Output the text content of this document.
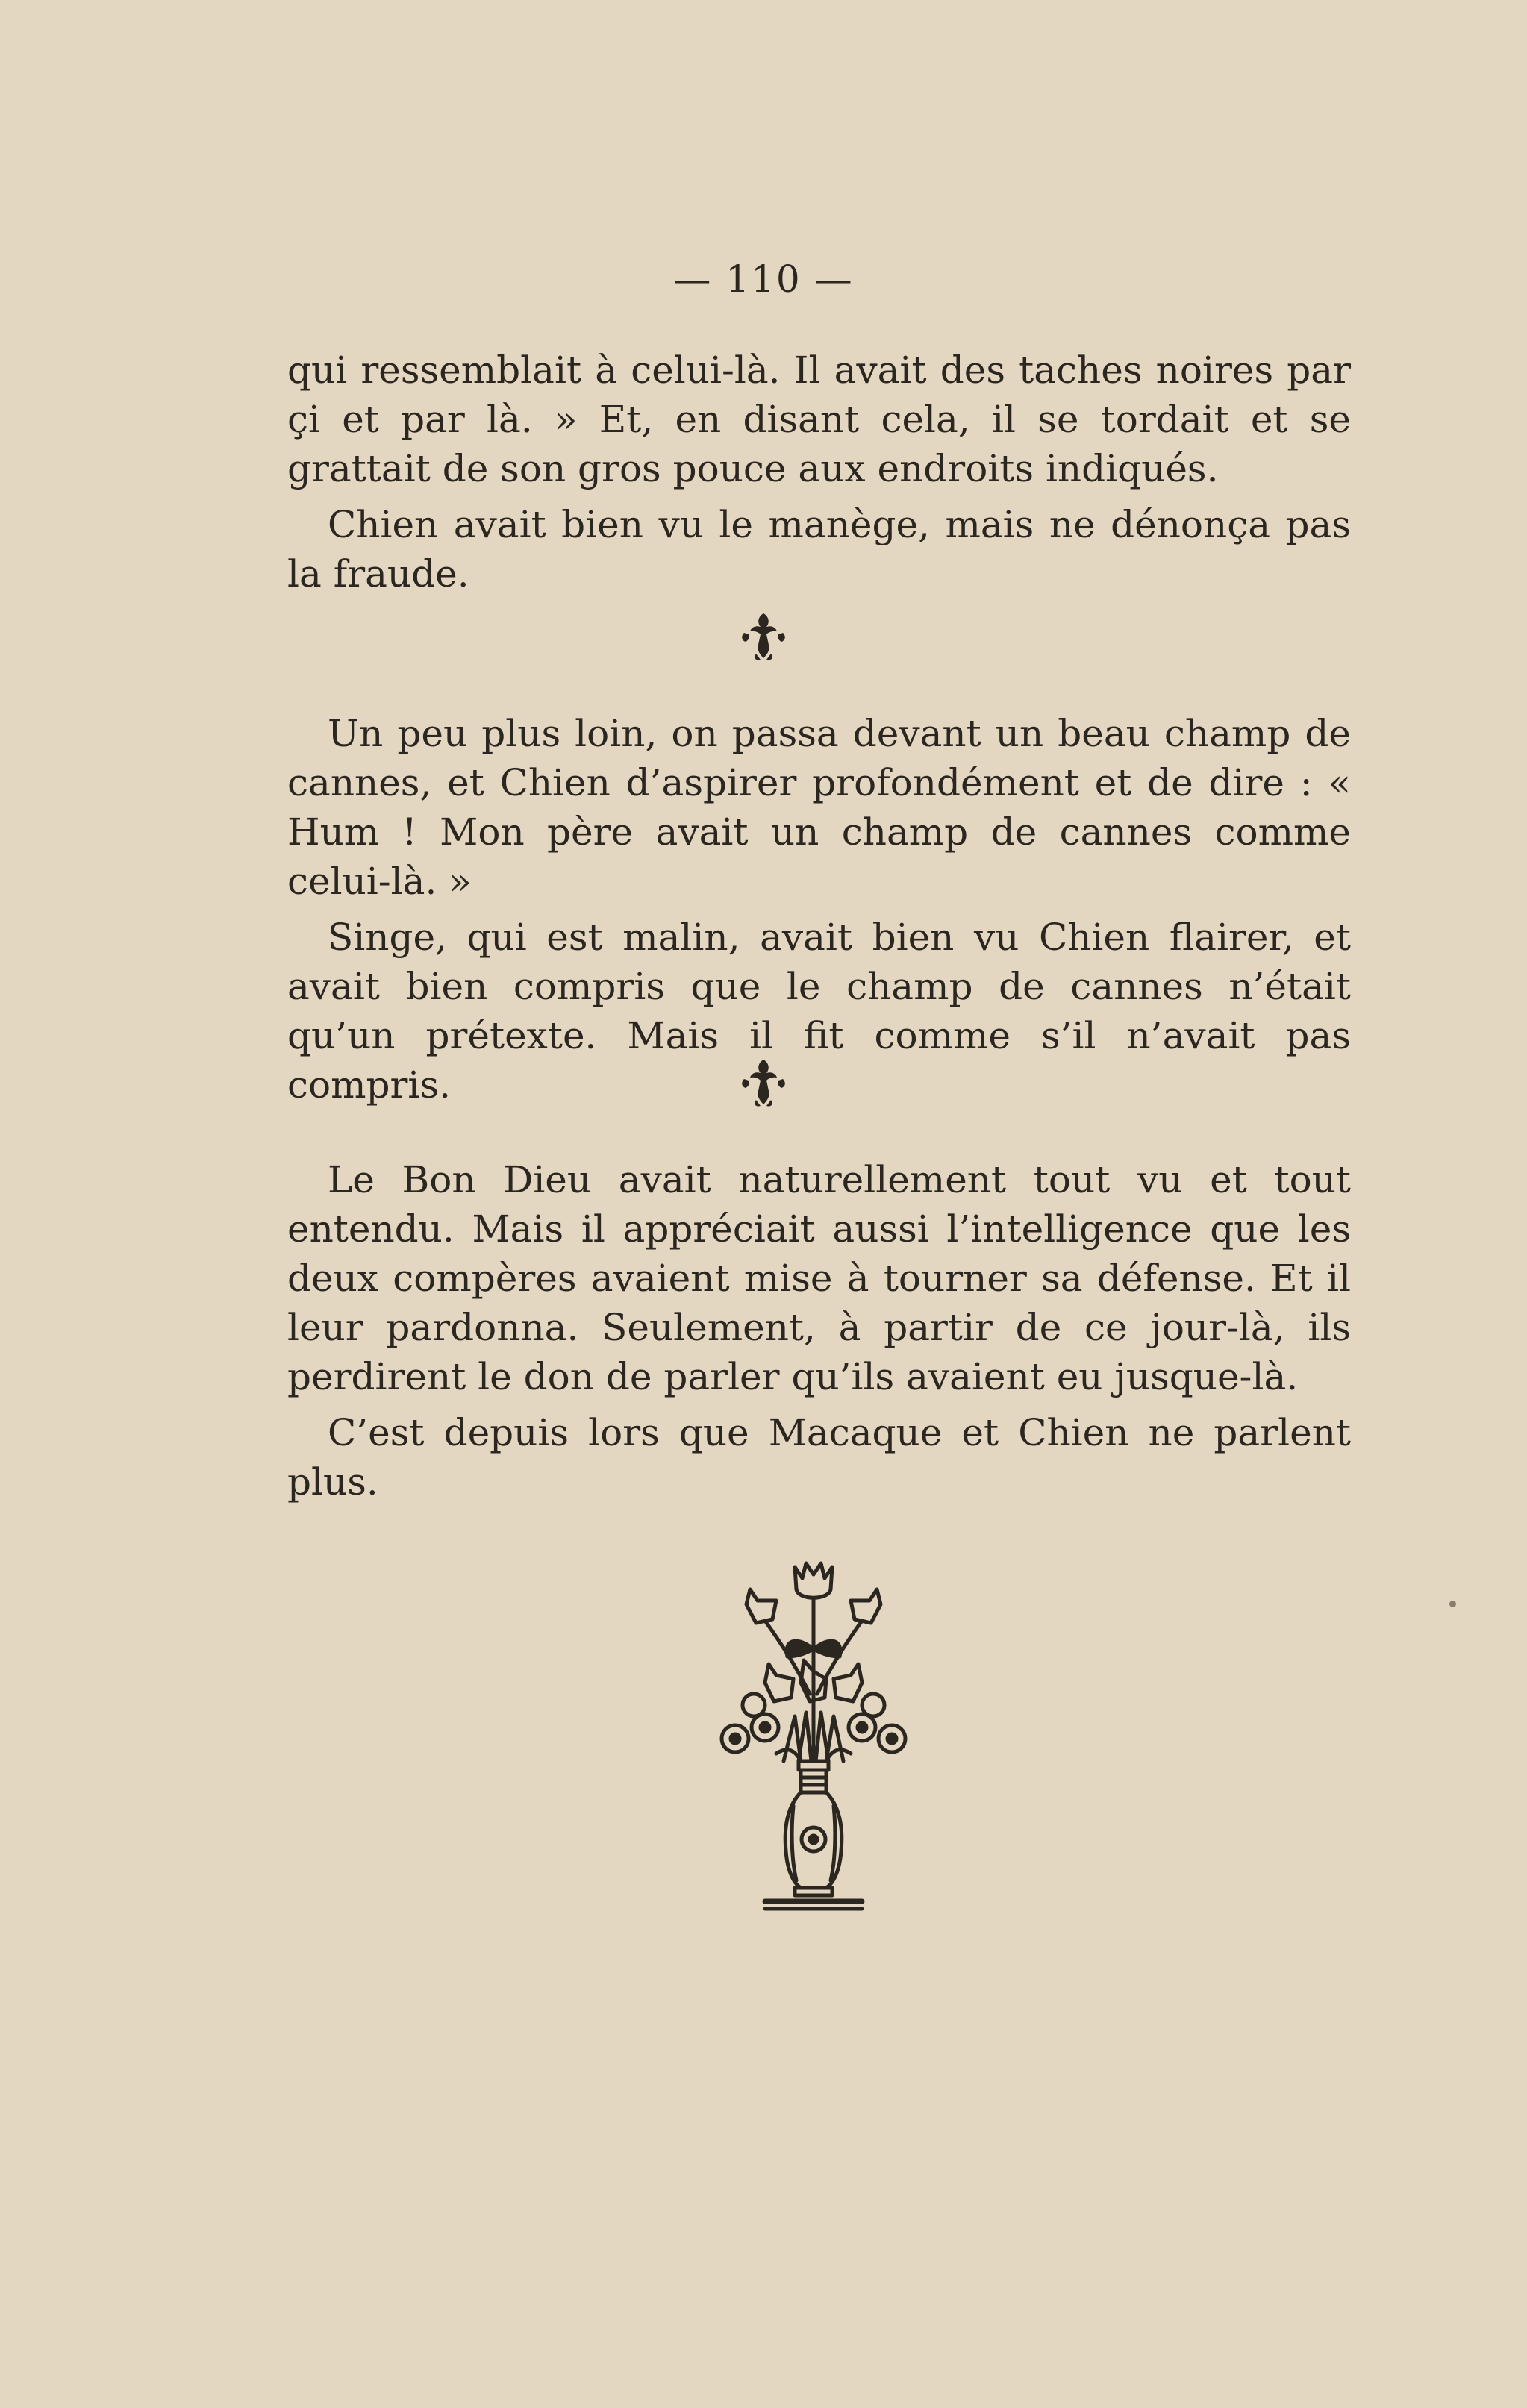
— 110 —

qui ressemblait à celui-là. Il avait des taches noires par çi et par là. » Et, en disant cela, il se tordait et se grattait de son gros pouce aux endroits indiqués.

Chien avait bien vu le manège, mais ne dénonça pas la fraude.

Un peu plus loin, on passa devant un beau champ de cannes, et Chien d’aspirer profondément et de dire : « Hum ! Mon père avait un champ de cannes comme celui-là. »

Singe, qui est malin, avait bien vu Chien flairer, et avait bien compris que le champ de cannes n’était qu’un prétexte. Mais il fit comme s’il n’avait pas compris.

Le Bon Dieu avait naturellement tout vu et tout entendu. Mais il appréciait aussi l’intelligence que les deux compères avaient mise à tourner sa défense. Et il leur pardonna. Seulement, à partir de ce jour-là, ils perdirent le don de parler qu’ils avaient eu jusque-là.

C’est depuis lors que Macaque et Chien ne parlent plus.
